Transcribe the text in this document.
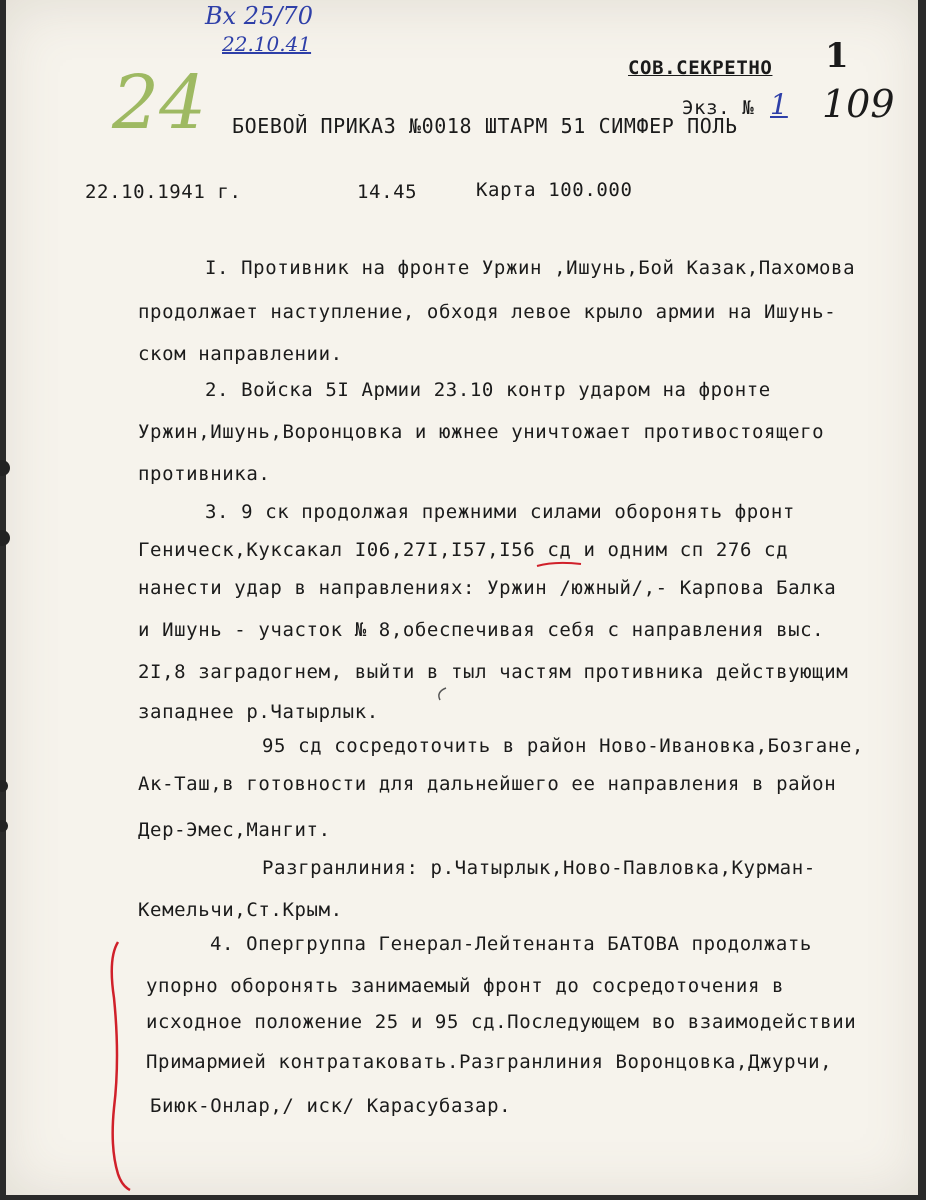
Вх 25/70
22.10.41
24	СОВ.СЕКРЕТНО 1
Экз. № 1 109
БОЕВОЙ ПРИКАЗ №0018 ШТАРМ 51 СИМФЕР ПОЛЬ
22.10.1941 г.	14.45	Карта 100.000
I. Противник на фронте Уржин ,Ишунь,Бой Казак,Пахомова
продолжает наступление, обходя левое крыло армии на Ишунь-
ском направлении.
2. Войска 5I Армии 23.10 контр ударом на фронте
Уржин,Ишунь,Воронцовка и южнее уничтожает противостоящего
противника.
3. 9 ск продолжая прежними силами оборонять фронт
Геническ,Куксакал I06,27I,I57,I56 сд и одним сп 276 сд
нанести удар в направлениях: Уржин /южный/,- Карпова Балка
и Ишунь - участок № 8,обеспечивая себя с направления выс.
2I,8 заградогнем, выйти в тыл частям противника действующим
западнее р.Чатырлык.
95 сд сосредоточить в район Ново-Ивановка,Бозгане,
Ак-Таш,в готовности для дальнейшего ее направления в район
Дер-Эмес,Мангит.
Разгранлиния: р.Чатырлык,Ново-Павловка,Курман-
Кемельчи,Ст.Крым.
4. Опергруппа Генерал-Лейтенанта БАТОВА продолжать
упорно оборонять занимаемый фронт до сосредоточения в
исходное положение 25 и 95 сд.Последующем во взаимодействии
Примармией контратаковать.Разгранлиния Воронцовка,Джурчи,
Биюк-Онлар,/ иск/ Карасубазар.
